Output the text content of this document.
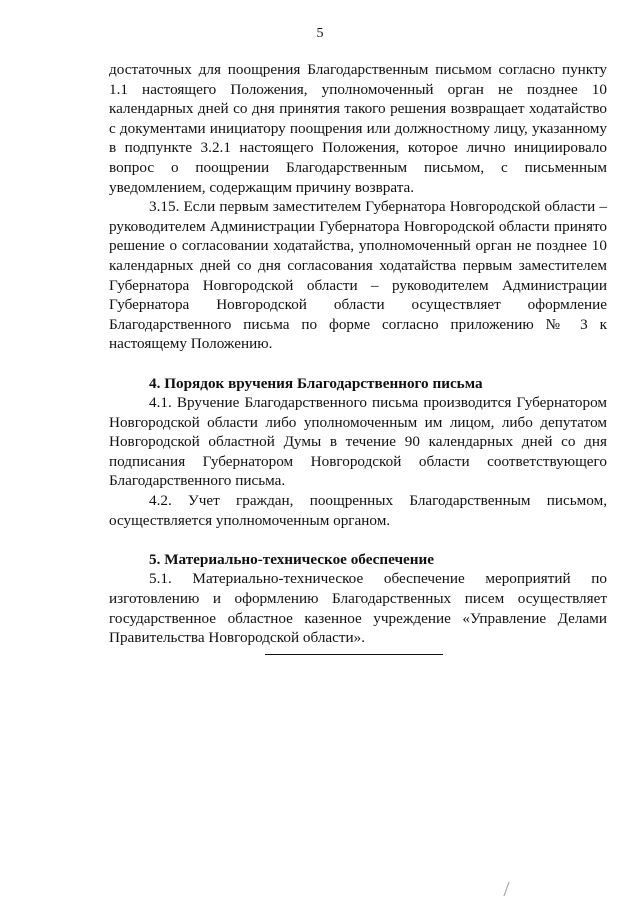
5

достаточных для поощрения Благодарственным письмом согласно пункту 1.1 настоящего Положения, уполномоченный орган не позднее 10 календарных дней со дня принятия такого решения возвращает ходатайство с документами инициатору поощрения или должностному лицу, указанному в подпункте 3.2.1 настоящего Положения, которое лично инициировало вопрос о поощрении Благодарственным письмом, с письменным уведомлением, содержащим причину возврата.

3.15. Если первым заместителем Губернатора Новгородской области – руководителем Администрации Губернатора Новгородской области принято решение о согласовании ходатайства, уполномоченный орган не позднее 10 календарных дней со дня согласования ходатайства первым заместителем Губернатора Новгородской области – руководителем Администрации Губернатора Новгородской области осуществляет оформление Благодарственного письма по форме согласно приложению № 3 к настоящему Положению.

4. Порядок вручения Благодарственного письма

4.1. Вручение Благодарственного письма производится Губернатором Новгородской области либо уполномоченным им лицом, либо депутатом Новгородской областной Думы в течение 90 календарных дней со дня подписания Губернатором Новгородской области соответствующего Благодарственного письма.

4.2. Учет граждан, поощренных Благодарственным письмом, осуществляется уполномоченным органом.

5. Материально-техническое обеспечение

5.1. Материально-техническое обеспечение мероприятий по изготовлению и оформлению Благодарственных писем осуществляет государственное областное казенное учреждение «Управление Делами Правительства Новгородской области».
